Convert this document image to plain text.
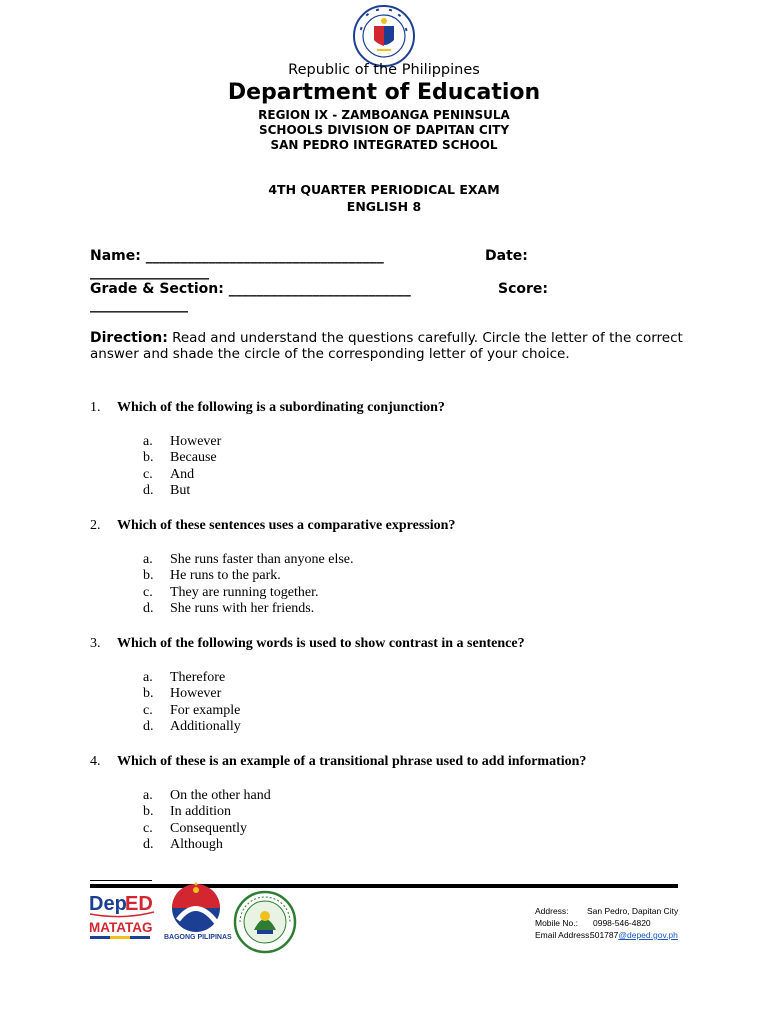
Republic of the Philippines
Department of Education
REGION IX - ZAMBOANGA PENINSULA
SCHOOLS DIVISION OF DAPITAN CITY
SAN PEDRO INTEGRATED SCHOOL
4TH QUARTER PERIODICAL EXAM
ENGLISH 8
Name: __________________________________	Date:
_________________
Grade & Section: __________________________	Score:
______________
Direction: Read and understand the questions carefully. Circle the letter of the correct answer and shade the circle of the corresponding letter of your choice.
1. Which of the following is a subordinating conjunction?
a. However
b. Because
c. And
d. But
2. Which of these sentences uses a comparative expression?
a. She runs faster than anyone else.
b. He runs to the park.
c. They are running together.
d. She runs with her friends.
3. Which of the following words is used to show contrast in a sentence?
a. Therefore
b. However
c. For example
d. Additionally
4. Which of these is an example of a transitional phrase used to add information?
a. On the other hand
b. In addition
c. Consequently
d. Although
Dep
ED
MATATAG
BAGONG PILIPINAS
Address: San Pedro, Dapitan City
Mobile No.: 0998-546-4820
Email Address:
501787@deped.gov.ph
